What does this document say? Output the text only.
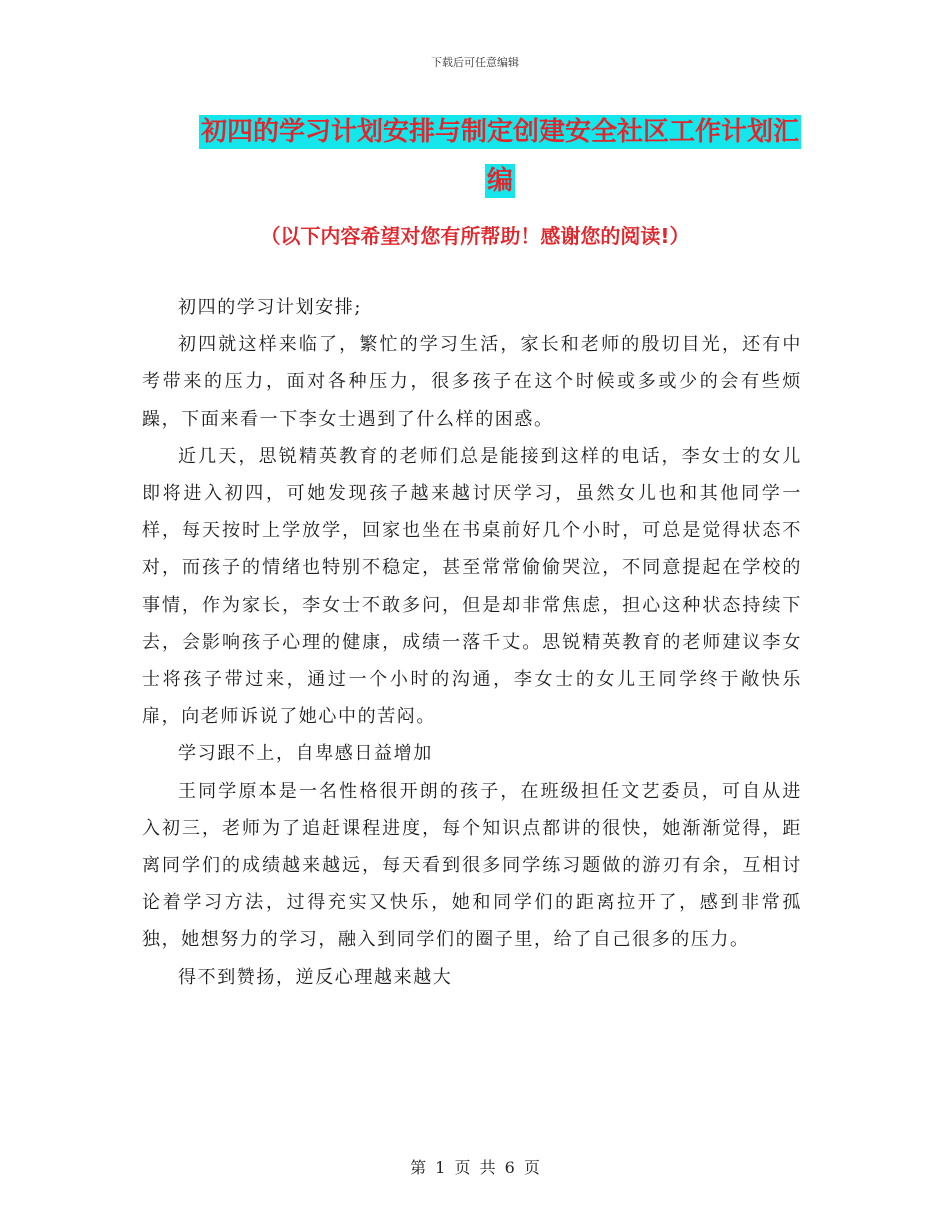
下载后可任意编辑
初四的学习计划安排与制定创建安全社区工作计划汇
编
（以下内容希望对您有所帮助！感谢您的阅读!）

初四的学习计划安排;

初四就这样来临了，繁忙的学习生活，家长和老师的殷切目光，还有中考带来的压力，面对各种压力，很多孩子在这个时候或多或少的会有些烦躁，下面来看一下李女士遇到了什么样的困惑。

近几天，思锐精英教育的老师们总是能接到这样的电话，李女士的女儿即将进入初四，可她发现孩子越来越讨厌学习，虽然女儿也和其他同学一样，每天按时上学放学，回家也坐在书桌前好几个小时，可总是觉得状态不对，而孩子的情绪也特别不稳定，甚至常常偷偷哭泣，不同意提起在学校的事情，作为家长，李女士不敢多问，但是却非常焦虑，担心这种状态持续下去，会影响孩子心理的健康，成绩一落千丈。思锐精英教育的老师建议李女士将孩子带过来，通过一个小时的沟通，李女士的女儿王同学终于敞快乐扉，向老师诉说了她心中的苦闷。

学习跟不上，自卑感日益增加

王同学原本是一名性格很开朗的孩子，在班级担任文艺委员，可自从进入初三，老师为了追赶课程进度，每个知识点都讲的很快，她渐渐觉得，距离同学们的成绩越来越远，每天看到很多同学练习题做的游刃有余，互相讨论着学习方法，过得充实又快乐，她和同学们的距离拉开了，感到非常孤独，她想努力的学习，融入到同学们的圈子里，给了自己很多的压力。

得不到赞扬，逆反心理越来越大

第 1 页 共 6 页
